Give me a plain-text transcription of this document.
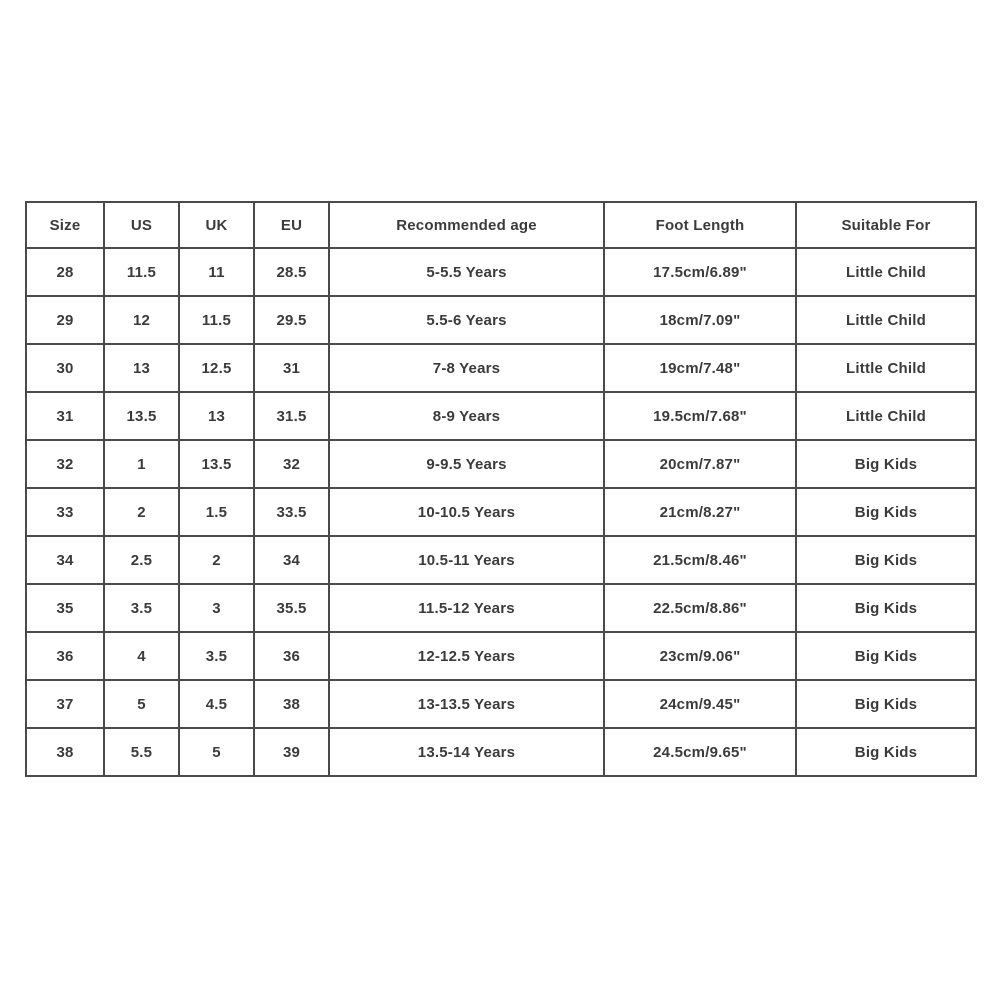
Size	US	UK	EU	Recommended age	Foot Length	Suitable For
28	11.5	11	28.5	5-5.5 Years	17.5cm/6.89"	Little Child
29	12	11.5	29.5	5.5-6 Years	18cm/7.09"	Little Child
30	13	12.5	31	7-8 Years	19cm/7.48"	Little Child
31	13.5	13	31.5	8-9 Years	19.5cm/7.68"	Little Child
32	1	13.5	32	9-9.5 Years	20cm/7.87"	Big Kids
33	2	1.5	33.5	10-10.5 Years	21cm/8.27"	Big Kids
34	2.5	2	34	10.5-11 Years	21.5cm/8.46"	Big Kids
35	3.5	3	35.5	11.5-12 Years	22.5cm/8.86"	Big Kids
36	4	3.5	36	12-12.5 Years	23cm/9.06"	Big Kids
37	5	4.5	38	13-13.5 Years	24cm/9.45"	Big Kids
38	5.5	5	39	13.5-14 Years	24.5cm/9.65"	Big Kids
